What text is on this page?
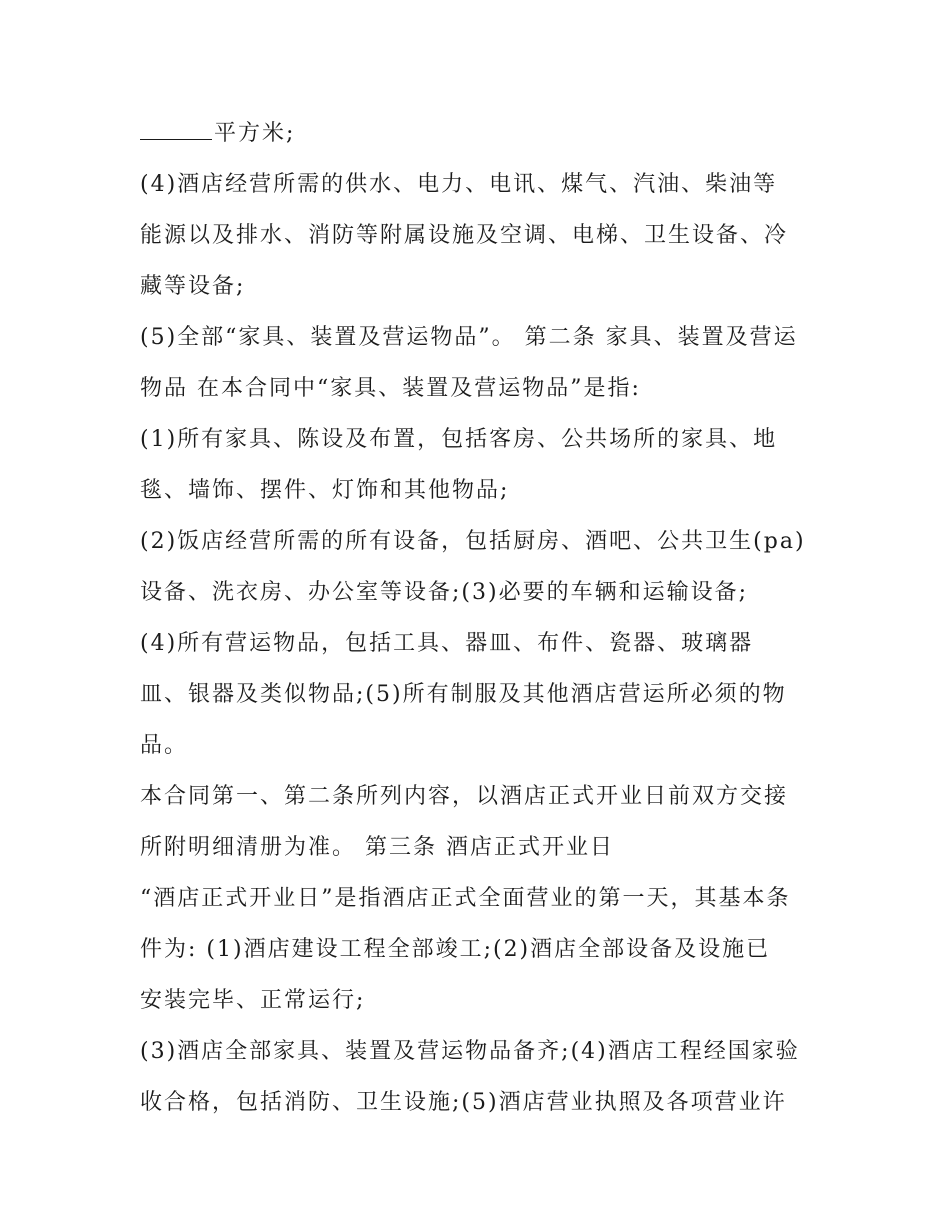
平方米;
(4)酒店经营所需的供水、电力、电讯、煤气、汽油、柴油等
能源以及排水、消防等附属设施及空调、电梯、卫生设备、冷
藏等设备;
(5)全部“家具、装置及营运物品”。 第二条 家具、装置及营运
物品 在本合同中“家具、装置及营运物品”是指:
(1)所有家具、陈设及布置，包括客房、公共场所的家具、地
毯、墙饰、摆件、灯饰和其他物品;
(2)饭店经营所需的所有设备，包括厨房、酒吧、公共卫生(pa)
设备、洗衣房、办公室等设备;(3)必要的车辆和运输设备;
(4)所有营运物品，包括工具、器皿、布件、瓷器、玻璃器
皿、银器及类似物品;(5)所有制服及其他酒店营运所必须的物
品。
本合同第一、第二条所列内容，以酒店正式开业日前双方交接
所附明细清册为准。 第三条 酒店正式开业日
“酒店正式开业日”是指酒店正式全面营业的第一天，其基本条
件为: (1)酒店建设工程全部竣工;(2)酒店全部设备及设施已
安装完毕、正常运行;
(3)酒店全部家具、装置及营运物品备齐;(4)酒店工程经国家验
收合格，包括消防、卫生设施;(5)酒店营业执照及各项营业许
